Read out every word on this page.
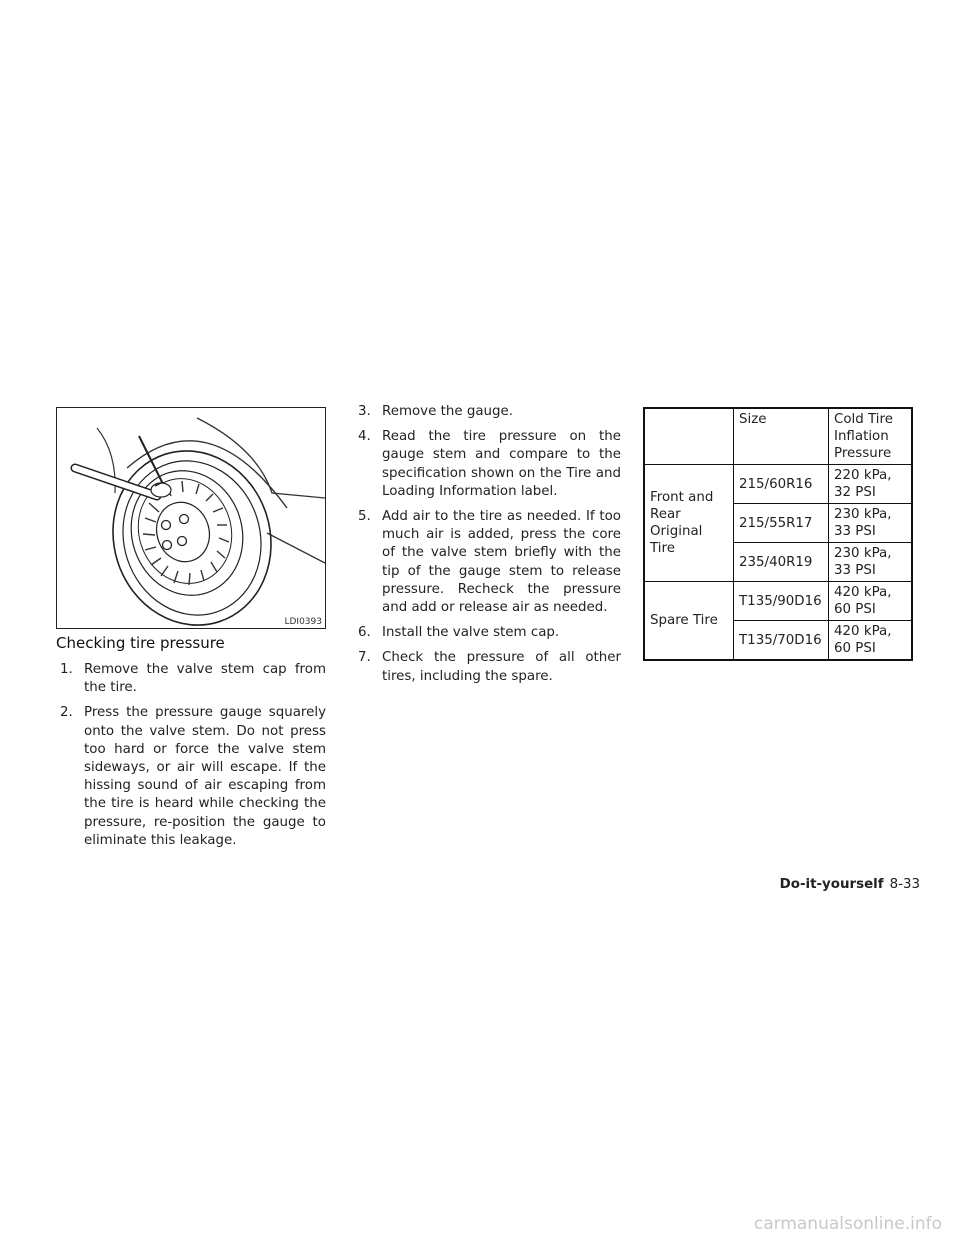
LDI0393
Checking tire pressure
1. Remove the valve stem cap from the tire.
2. Press the pressure gauge squarely onto the valve stem. Do not press too hard or force the valve stem sideways, or air will escape. If the hissing sound of air escaping from the tire is heard while checking the pressure, re-position the gauge to eliminate this leakage.
3. Remove the gauge.
4. Read the tire pressure on the gauge stem and compare to the specification shown on the Tire and Loading Information label.
5. Add air to the tire as needed. If too much air is added, press the core of the valve stem briefly with the tip of the gauge stem to release pressure. Recheck the pressure and add or release air as needed.
6. Install the valve stem cap.
7. Check the pressure of all other tires, including the spare.
	Size	Cold Tire Inflation Pressure
Front and Rear Original Tire	215/60R16	220 kPa, 32 PSI
	215/55R17	230 kPa, 33 PSI
	235/40R19	230 kPa, 33 PSI
Spare Tire	T135/90D16	420 kPa, 60 PSI
	T135/70D16	420 kPa, 60 PSI
Do-it-yourself 8-33
carmanualsonline.info
